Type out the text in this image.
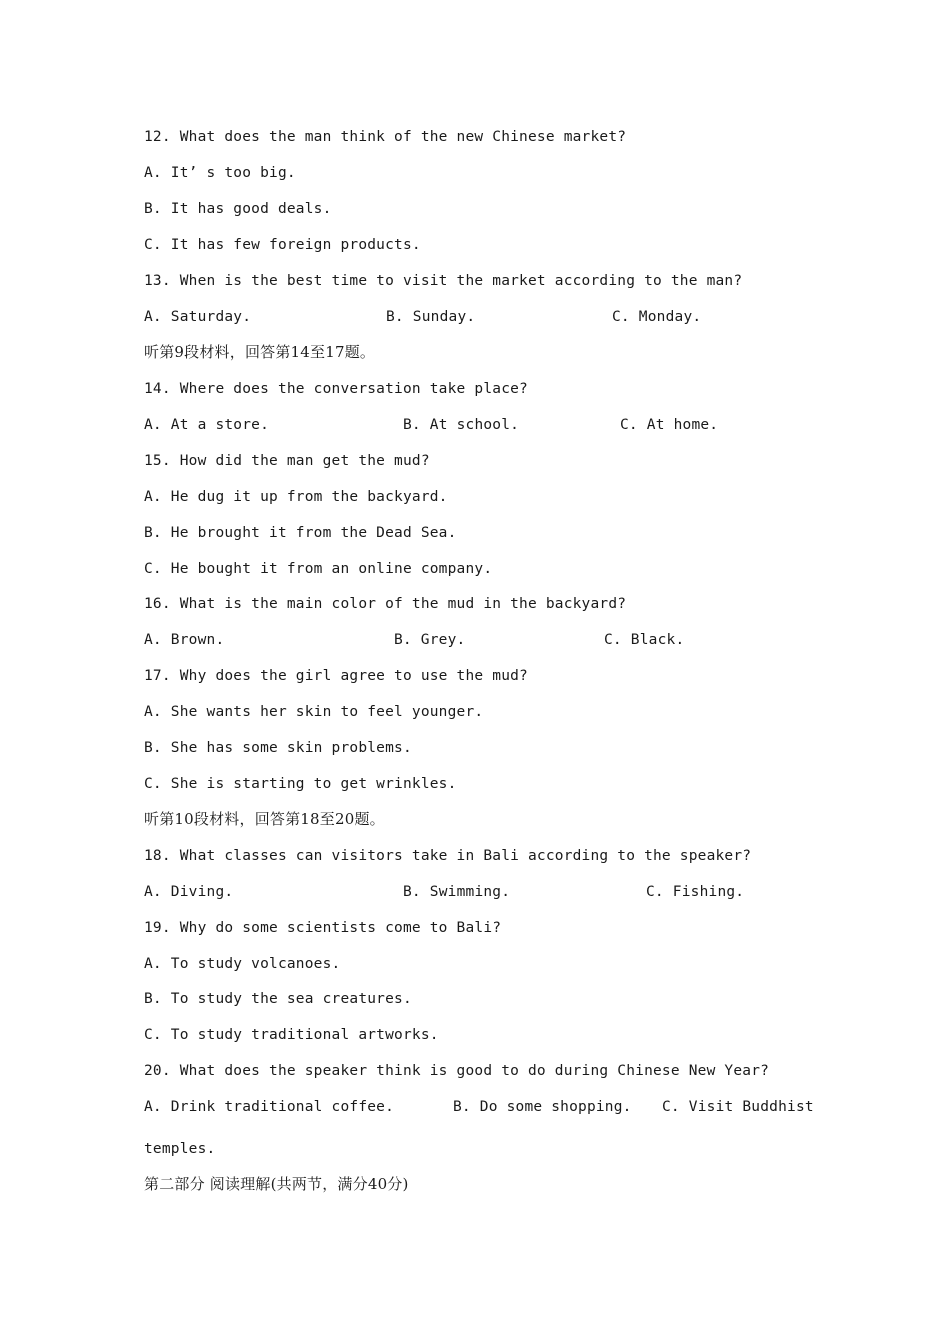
12. What does the man think of the new Chinese market?
A. It’ s too big.
B. It has good deals.
C. It has few foreign products.
13. When is the best time to visit the market according to the man?
A. Saturday.	B. Sunday.	C. Monday.
听第9段材料，回答第14至17题。
14. Where does the conversation take place?
A. At a store.	B. At school.	C. At home.
15. How did the man get the mud?
A. He dug it up from the backyard.
B. He brought it from the Dead Sea.
C. He bought it from an online company.
16. What is the main color of the mud in the backyard?
A. Brown.	B. Grey.	C. Black.
17. Why does the girl agree to use the mud?
A. She wants her skin to feel younger.
B. She has some skin problems.
C. She is starting to get wrinkles.
听第10段材料，回答第18至20题。
18. What classes can visitors take in Bali according to the speaker?
A. Diving.	B. Swimming.	C. Fishing.
19. Why do some scientists come to Bali?
A. To study volcanoes.
B. To study the sea creatures.
C. To study traditional artworks.
20. What does the speaker think is good to do during Chinese New Year?
A. Drink traditional coffee.	B. Do some shopping. C. Visit Buddhist
temples.
第二部分 阅读理解(共两节，满分40分)
